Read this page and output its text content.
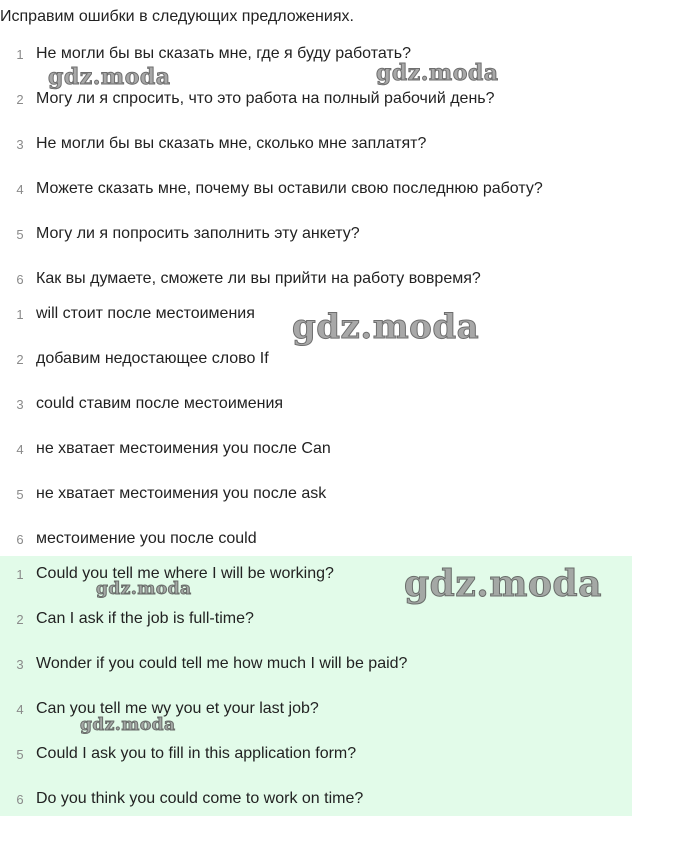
Исправим ошибки в следующих предложениях.
1 Не могли бы вы сказать мне, где я буду работать?
2 Могу ли я спросить, что это работа на полный рабочий день?
3 Не могли бы вы сказать мне, сколько мне заплатят?
4 Можете сказать мне, почему вы оставили свою последнюю работу?
5 Могу ли я попросить заполнить эту анкету?
6 Как вы думаете, сможете ли вы прийти на работу вовремя?
1 will стоит после местоимения
2 добавим недостающее слово If
3 could ставим после местоимения
4 не хватает местоимения you после Can
5 не хватает местоимения you после ask
6 местоимение you после could
1 Could you tell me where I will be working?
2 Can I ask if the job is full-time?
3 Wonder if you could tell me how much I will be paid?
4 Can you tell me wy you et your last job?
5 Could I ask you to fill in this application form?
6 Do you think you could come to work on time?
gdz.moda	gdz.moda
gdz.moda
gdz.moda
gdz.moda
gdz.moda
